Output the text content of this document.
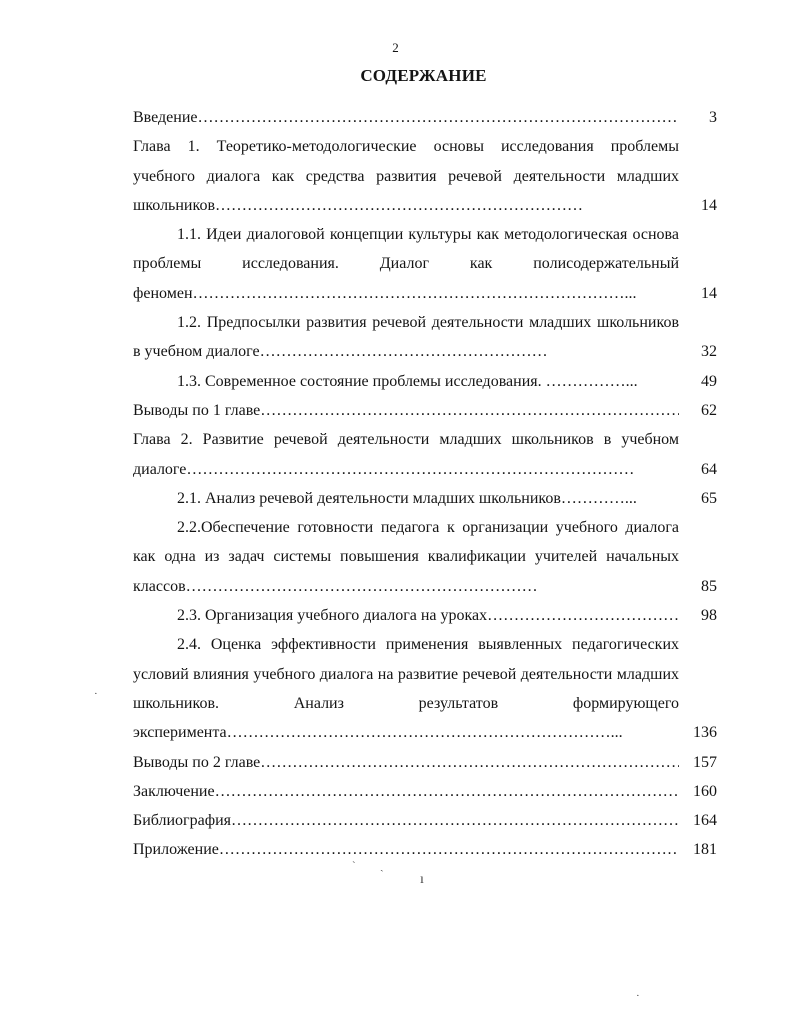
2
СОДЕРЖАНИЕ
Введение ……………………………………………………………………………………………………………………………………………………	3
Глава 1. Теоретико-методологические основы исследования проблемы учебного диалога как средства развития речевой деятельности младших школьников……………………………………………………………	14
1.1. Идеи диалоговой концепции культуры как методологическая основа проблемы исследования. Диалог как полисодержательный феномен………………………………………………………………………...	14
1.2. Предпосылки развития речевой деятельности младших школьников в учебном диалоге………………………………………………	32
1.3. Современное состояние проблемы исследования. ……………...	49
Выводы по 1 главе ……………………………………………………………………………………………………………………………………………………	62
Глава 2. Развитие речевой деятельности младших школьников в учебном диалоге…………………………………………………………………………	64
2.1. Анализ речевой деятельности младших школьников…………...	65
2.2.Обеспечение готовности педагога к организации учебного диалога как одна из задач системы повышения квалификации учителей начальных классов…………………………………………………………	85
2.3. Организация учебного диалога на уроках ……………………………………………………………………………………………………………………………………………………	98
2.4. Оценка эффективности применения выявленных педагогических условий влияния учебного диалога на развитие речевой деятельности младших школьников. Анализ результатов формирующего эксперимента………………………………………………………………...	136
Выводы по 2 главе ……………………………………………………………………………………………………………………………………………………	157
Заключение ……………………………………………………………………………………………………………………………………………………	160
Библиография ……………………………………………………………………………………………………………………………………………………	164
Приложение ……………………………………………………………………………………………………………………………………………………	181
·
ˋ ˏ
ı
·
